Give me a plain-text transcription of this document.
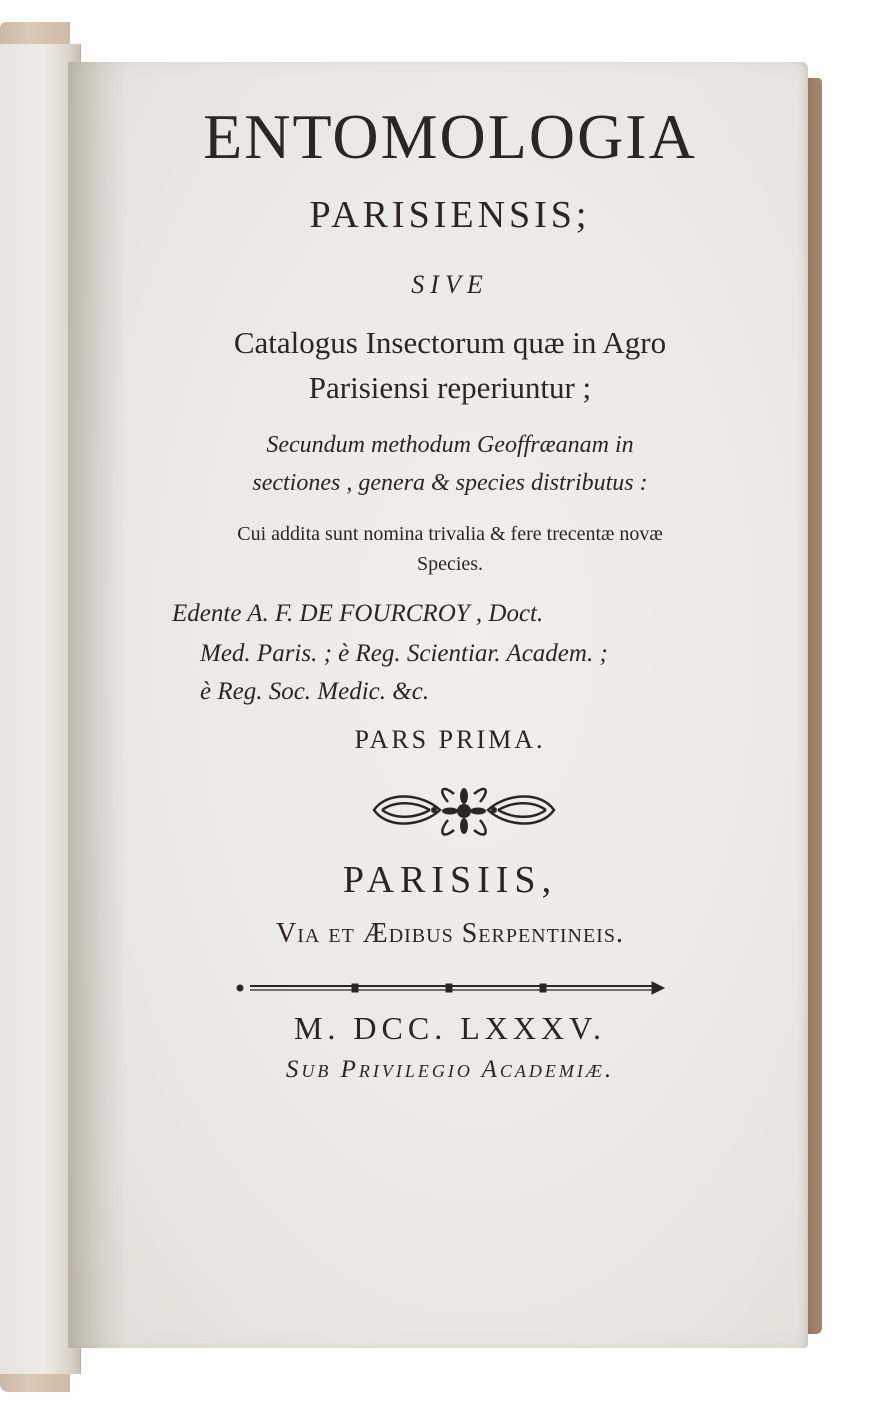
ENTOMOLOGIA
PARISIENSIS;
SIVE
Catalogus Insectorum quæ in Agro
Parisiensi reperiuntur ;
Secundum methodum Geoffræanam in
sectiones , genera & species distributus :
Cui addita sunt nomina trivalia & fere trecentæ novæ
Species.
Edente A. F. DE FOURCROY , Doct.
Med. Paris. ; è Reg. Scientiar. Academ. ;
è Reg. Soc. Medic. &c.
PARS PRIMA.
PARISIIS,
Via et Ædibus Serpentineis.
M. DCC. LXXXV.
Sub Privilegio Academiæ.
